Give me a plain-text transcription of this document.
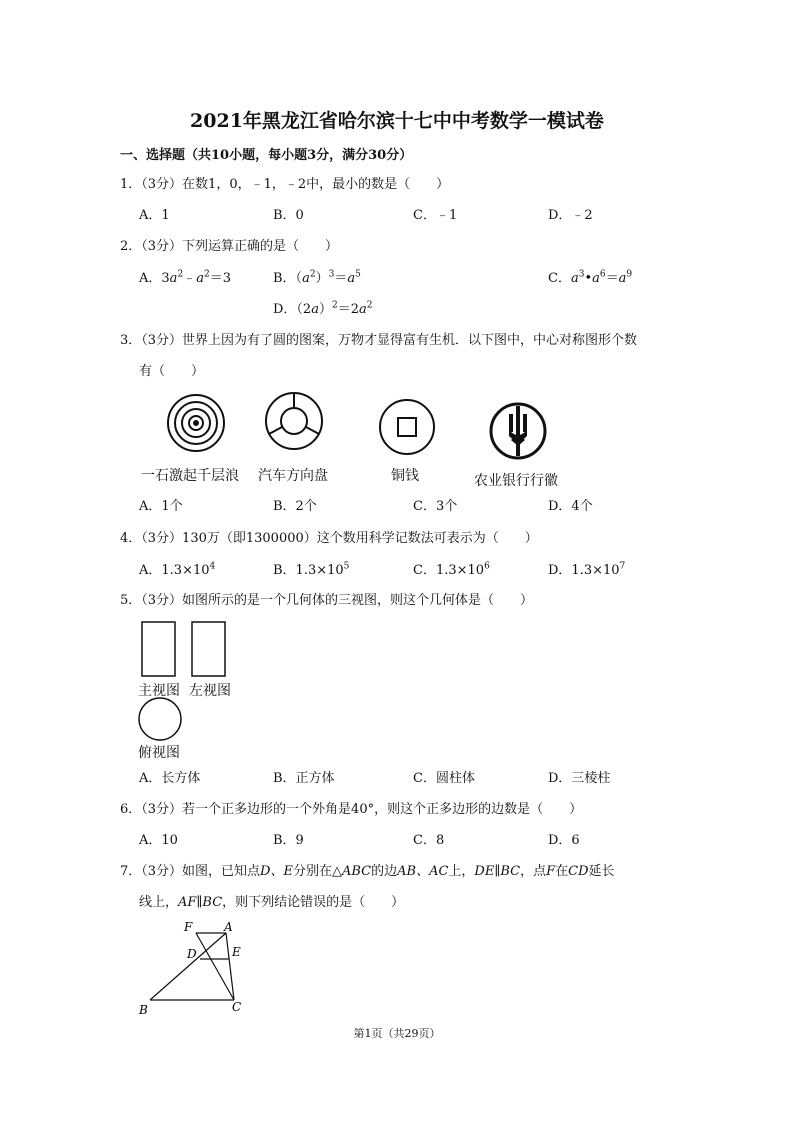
2021年黑龙江省哈尔滨十七中中考数学一模试卷
一、选择题（共10小题，每小题3分，满分30分）
1．（3分）在数1，0，﹣1，﹣2中，最小的数是（　　）
A．1	B．0	C．﹣1	D．﹣2
2．（3分）下列运算正确的是（　　）
A．$3a^2﹣a^2=3$	B．$(a^2)^3=a^5$	C．$a^3•a^6=a^9$
D．$(2a)^2=2a^2$
3．（3分）世界上因为有了圆的图案，万物才显得富有生机．以下图中，中心对称图形个数
有（　　）
一石激起千层浪 汽车方向盘	铜钱	农业银行行徽
A．1个	B．2个	C．3个	D．4个
4．（3分）130万（即1300000）这个数用科学记数法可表示为（　　）
A．$1.3\times 10^4$	B．$1.3\times 10^5$	C．$1.3\times 10^6$	D．$1.3\times 10^7$
5．（3分）如图所示的是一个几何体的三视图，则这个几何体是（　　）
主视图 左视图
俯视图
A．长方体	B．正方体	C．圆柱体	D．三棱柱
6．（3分）若一个正多边形的一个外角是40°，则这个正多边形的边数是（　　）
A．10	B．9	C．8	D．6
7．（3分）如图，已知点D、E分别在△ABC的边AB、AC上，DE∥BC，点F在CD延长
线上，AF∥BC，则下列结论错误的是（　　）
F	A
D	E
B	C
第1页（共29页）
